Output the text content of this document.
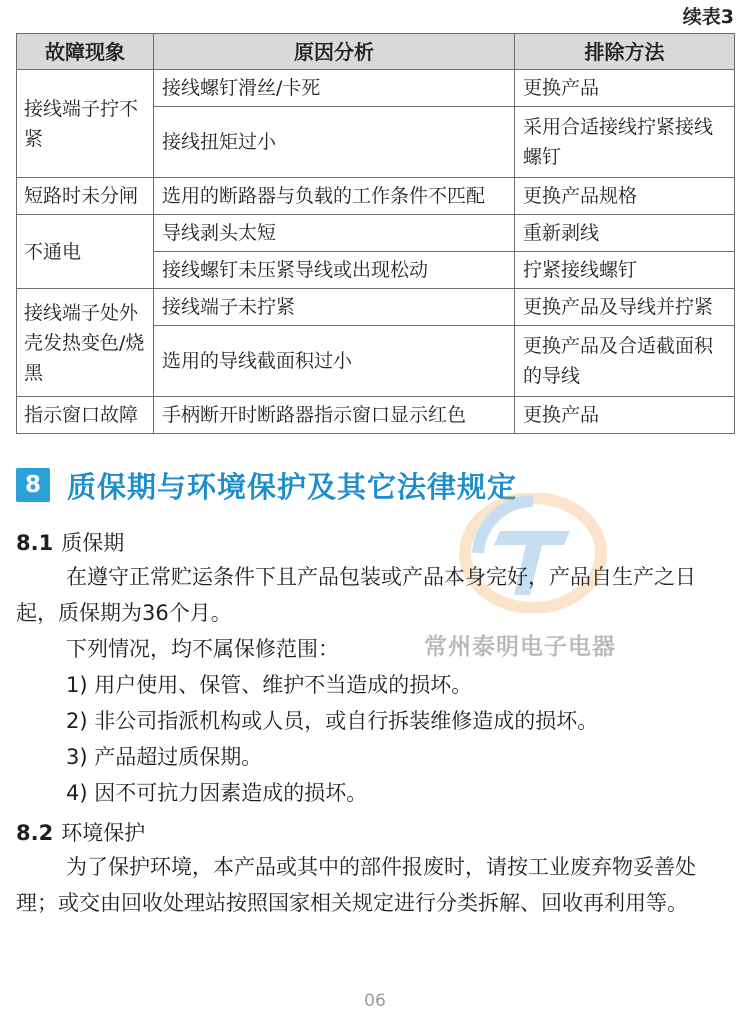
续表3
故障现象	原因分析	排除方法
接线端子拧不紧	接线螺钉滑丝/卡死	更换产品
	接线扭矩过小	采用合适接线拧紧接线螺钉
短路时未分闸	选用的断路器与负载的工作条件不匹配	更换产品规格
不通电	导线剥头太短	重新剥线
	接线螺钉未压紧导线或出现松动	拧紧接线螺钉
接线端子处外壳发热变色/烧黑	接线端子未拧紧	更换产品及导线并拧紧
	选用的导线截面积过小	更换产品及合适截面积的导线
指示窗口故障	手柄断开时断路器指示窗口显示红色	更换产品
8 质保期与环境保护及其它法律规定
常州泰明电子电器
8.1 质保期

在遵守正常贮运条件下且产品包装或产品本身完好，产品自生产之日起，质保期为36个月。

下列情况，均不属保修范围：

1) 用户使用、保管、维护不当造成的损坏。

2) 非公司指派机构或人员，或自行拆装维修造成的损坏。

3) 产品超过质保期。

4) 因不可抗力因素造成的损坏。

8.2 环境保护

为了保护环境，本产品或其中的部件报废时，请按工业废弃物妥善处理；或交由回收处理站按照国家相关规定进行分类拆解、回收再利用等。

06
